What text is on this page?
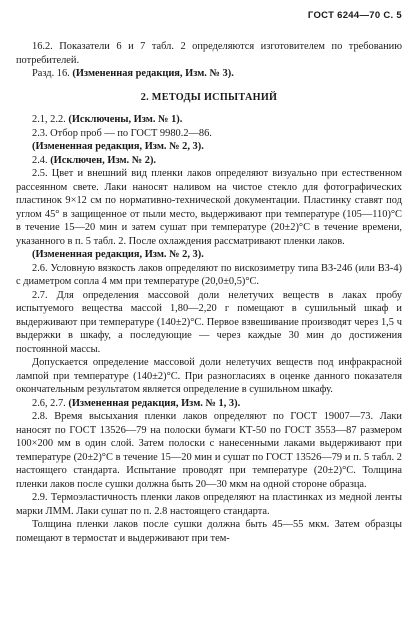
ГОСТ 6244—70 С. 5

16.2. Показатели 6 и 7 табл. 2 определяются изготовителем по требованию потребителей.

Разд. 16. (Измененная редакция, Изм. № 3).

2. МЕТОДЫ ИСПЫТАНИЙ

2.1, 2.2. (Исключены, Изм. № 1).

2.3. Отбор проб — по ГОСТ 9980.2—86.

(Измененная редакция, Изм. № 2, 3).

2.4. (Исключен, Изм. № 2).

2.5. Цвет и внешний вид пленки лаков определяют визуально при естественном рассеянном свете. Лаки наносят наливом на чистое стекло для фотографических пластинок 9×12 см по нормативно-технической документации. Пластинку ставят под углом 45° в защищенное от пыли место, выдерживают при температуре (105—110)°С в течение 15—20 мин и затем сушат при температуре (20±2)°С в течение времени, указанного в п. 5 табл. 2. После охлаждения рассматривают пленки лаков.

(Измененная редакция, Изм. № 2, 3).

2.6. Условную вязкость лаков определяют по вискозиметру типа ВЗ-246 (или ВЗ-4) с диаметром сопла 4 мм при температуре (20,0±0,5)°С.

2.7. Для определения массовой доли нелетучих веществ в лаках пробу испытуемого вещества массой 1,80—2,20 г помещают в сушильный шкаф и выдерживают при температуре (140±2)°С. Первое взвешивание производят через 1,5 ч выдержки в шкафу, а последующие — через каждые 30 мин до достижения постоянной массы.

Допускается определение массовой доли нелетучих веществ под инфракрасной лампой при температуре (140±2)°С. При разногласиях в оценке данного показателя окончательным результатом является определение в сушильном шкафу.

2.6, 2.7. (Измененная редакция, Изм. № 1, 3).

2.8. Время высыхания пленки лаков определяют по ГОСТ 19007—73. Лаки наносят по ГОСТ 13526—79 на полоски бумаги КТ-50 по ГОСТ 3553—87 размером 100×200 мм в один слой. Затем полоски с нанесенными лаками выдерживают при температуре (20±2)°С в течение 15—20 мин и сушат по ГОСТ 13526—79 и п. 5 табл. 2 настоящего стандарта. Испытание проводят при температуре (20±2)°С. Толщина пленки лаков после сушки должна быть 20—30 мкм на одной стороне образца.

2.9. Термоэластичность пленки лаков определяют на пластинках из медной ленты марки ЛММ. Лаки сушат по п. 2.8 настоящего стандарта.

Толщина пленки лаков после сушки должна быть 45—55 мкм. Затем образцы помещают в термостат и выдерживают при тем-
